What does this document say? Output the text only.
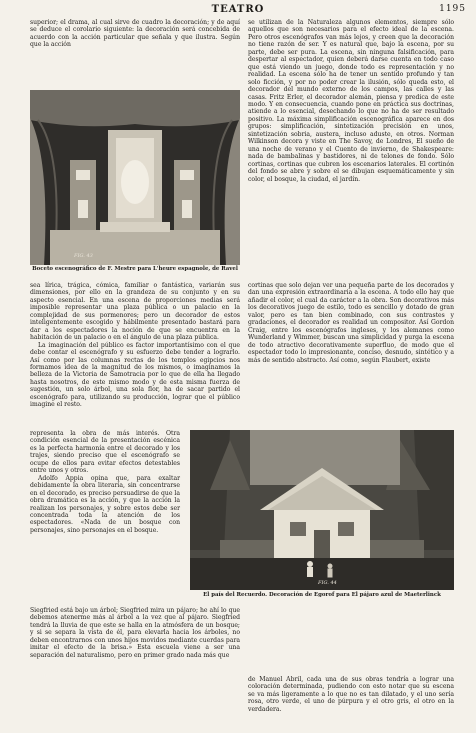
TEATRO	1195

superior; el drama, al cual sirve de cuadro la decoración; y de aquí se deduce el corolario siguiente: la decoración será concebida de acuerdo con la acción particular que señala y que ilustra. Según que la acción

se utilizan de la Naturaleza algunos elementos, siempre sólo aquellos que son necesarios para el efecto ideal de la escena. Pero otros escenógrafos van más lejos, y creen que la decoración no tiene razón de ser. Y es natural que, bajo la escena, por su parte, debe ser pura. La escena, sin ninguna falsificación, para despertar al espectador, quien deberá darse cuenta en todo caso que está viendo un juego, donde todo es representación y no realidad. La escena sólo ha de tener un sentido profundo y tan solo ficción, y por no poder crear la ilusión, sólo queda esto, el decorador del mundo externo de los campos, las calles y las casas. Fritz Erler, el decorador alemán, piensa y predica de este modo. Y en consecuencia, cuando pone en práctica sus doctrinas, atiende a lo esencial, desechando lo que no ha de ser resultado positivo. La máxima simplificación escenográfica aparece en dos grupos: simplificación, sintetización precisión en unos, sintetización sobria, austera, incluso aduste, en otros. Norman Wilkinson decora y viste en The Savoy, de Londres, El sueño de una noche de verano y el Cuento de invierno, de Shakespeare: nada de bambalinas y bastidores, ni de telones de fondo. Sólo cortinas, cortinas que cubren los escenarios laterales. El cortinón del fondo se abre y sobre el se dibujan esquemáticamente y sin color, el bosque, la ciudad, el jardín.

FIG. 43
Boceto escenográfico de F. Mestre para L'heure espagnole, de Ravel

sea lírica, trágica, cómica, familiar o fantástica, variarán sus dimensiones, por ello en la grandeza de su conjunto y en su aspecto esencial. En una escena de proporciones medias será imposible representar una plaza pública o un palacio en la complejidad de sus pormenores; pero un decorador de estos inteligentemente escogido y hábilmente presentado bastará para dar a los espectadores la noción de que se encuentra en la habitación de un palacio o en el ángulo de una plaza pública.

La imaginación del público es factor importantísimo con el que debe contar el escenógrafo y su esfuerzo debe tender a lograrlo. Así como por las columnas rectas de los templos egipcios nos formamos idea de la magnitud de los mismos, o imaginamos la belleza de la Victoria de Samotracia por lo que de ella ha llegado hasta nosotros, de este mismo modo y de esta misma fuerza de sugestión, un solo árbol, una sola flor, ha de sacar partido el escenógrafo para, utilizando su producción, lograr que el público imagine el resto.

cortinas que solo dejan ver una pequeña parte de los decorados y dan una expresión extraordinaria a la escena. A todo ello hay que añadir el color, el cual da carácter a la obra. Son decorativos más los decorativos juego de estilo, todo es sencillo y dotado de gran valor, pero es tan bien combinado, con sus contrastes y gradaciones, el decorador es realidad un compositor. Así Gordon Craig, entre los escenógrafos ingleses, y los alemanes como Wunderland y Wimmer, buscan una simplicidad y purga la escena de todo atractivo decorativamente superfluo, de modo que el espectador todo lo impresionante, conciso, desnudo, sintético y a más de sentido abstracto. Así como, según Flaubert, existe

representa la obra de más interés. Otra condición esencial de la presentación escénica es la perfecta harmonía entre el decorado y los trajes, siendo preciso que el escenógrafo se ocupe de ellos para evitar efectos detestables entre unos y otros.

Adolfo Appia opina que, para exaltar debidamente la obra literaria, sin concentrarse en el decorado, es preciso persuadirse de que la obra dramática es la acción, y que la acción la realizan los personajes, y sobre estos debe ser concentrada toda la atención de los espectadores. «Nada de un bosque con personajes, sino personajes en el bosque.

FIG. 44
El país del Recuerdo. Decoración de Egorof para El pájaro azul de Maeterlinck

Siegfried está bajo un árbol; Siegfried mira un pájaro; he ahí lo que debemos atenerme más al árbol a la vez que al pájaro. Siegfried tendrá la lluvia de que este se halla en la atmósfera de un bosque; y si se separa la vista de él, para elevarla hacia los árboles, no deben encontrarnos con unos hijos movidos mediante cuerdas para imitar el efecto de la brisa.» Esta escuela viene a ser una separación del naturalismo, pero en primer grado nada más que

de Manuel Abril, cada una de sus obras tendría a lograr una coloración determinada, pudiendo con esto notar que su escena se va más ligeramente a lo que no es tan dilatado, y el uno sería rosa, otro verde, el uno de púrpura y el otro gris, el otro en la verdadera.
